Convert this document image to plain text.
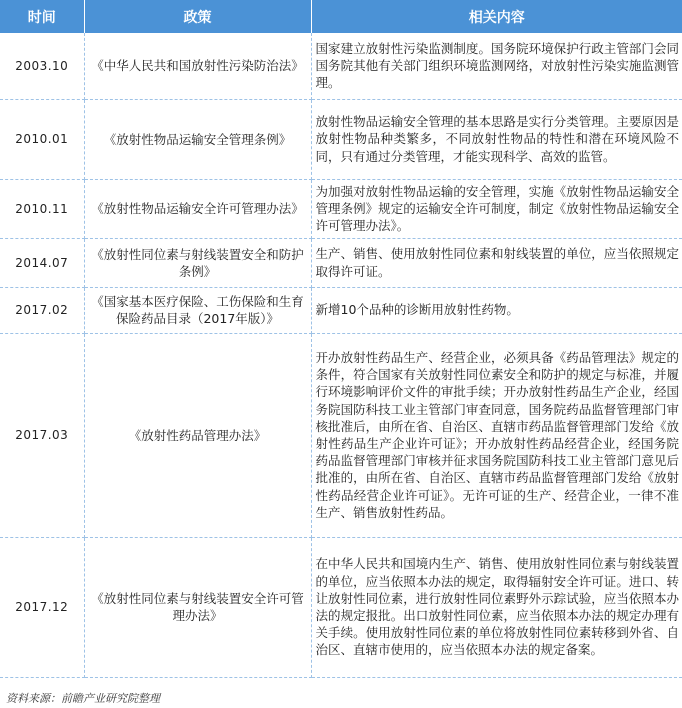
时间	政策	相关内容
2003.10	《中华人民共和国放射性污染防治法》	国家建立放射性污染监测制度。国务院环境保护行政主管部门会同国务院其他有关部门组织环境监测网络，对放射性污染实施监测管理。
2010.01	《放射性物品运输安全管理条例》	放射性物品运输安全管理的基本思路是实行分类管理。主要原因是放射性物品种类繁多，不同放射性物品的特性和潜在环境风险不同，只有通过分类管理，才能实现科学、高效的监管。
2010.11	《放射性物品运输安全许可管理办法》	为加强对放射性物品运输的安全管理，实施《放射性物品运输安全管理条例》规定的运输安全许可制度，制定《放射性物品运输安全许可管理办法》。
2014.07	《放射性同位素与射线装置安全和防护条例》	生产、销售、使用放射性同位素和射线装置的单位，应当依照规定取得许可证。
2017.02	《国家基本医疗保险、工伤保险和生育保险药品目录（2017年版）》	新增10个品种的诊断用放射性药物。
2017.03	《放射性药品管理办法》	开办放射性药品生产、经营企业，必须具备《药品管理法》规定的条件，符合国家有关放射性同位素安全和防护的规定与标准，并履行环境影响评价文件的审批手续；开办放射性药品生产企业，经国务院国防科技工业主管部门审查同意，国务院药品监督管理部门审核批准后，由所在省、自治区、直辖市药品监督管理部门发给《放射性药品生产企业许可证》；开办放射性药品经营企业，经国务院药品监督管理部门审核并征求国务院国防科技工业主管部门意见后批准的，由所在省、自治区、直辖市药品监督管理部门发给《放射性药品经营企业许可证》。无许可证的生产、经营企业，一律不准生产、销售放射性药品。
2017.12	《放射性同位素与射线装置安全许可管理办法》	在中华人民共和国境内生产、销售、使用放射性同位素与射线装置的单位，应当依照本办法的规定，取得辐射安全许可证。进口、转让放射性同位素，进行放射性同位素野外示踪试验，应当依照本办法的规定报批。出口放射性同位素，应当依照本办法的规定办理有关手续。使用放射性同位素的单位将放射性同位素转移到外省、自治区、直辖市使用的，应当依照本办法的规定备案。
资料来源：前瞻产业研究院整理
